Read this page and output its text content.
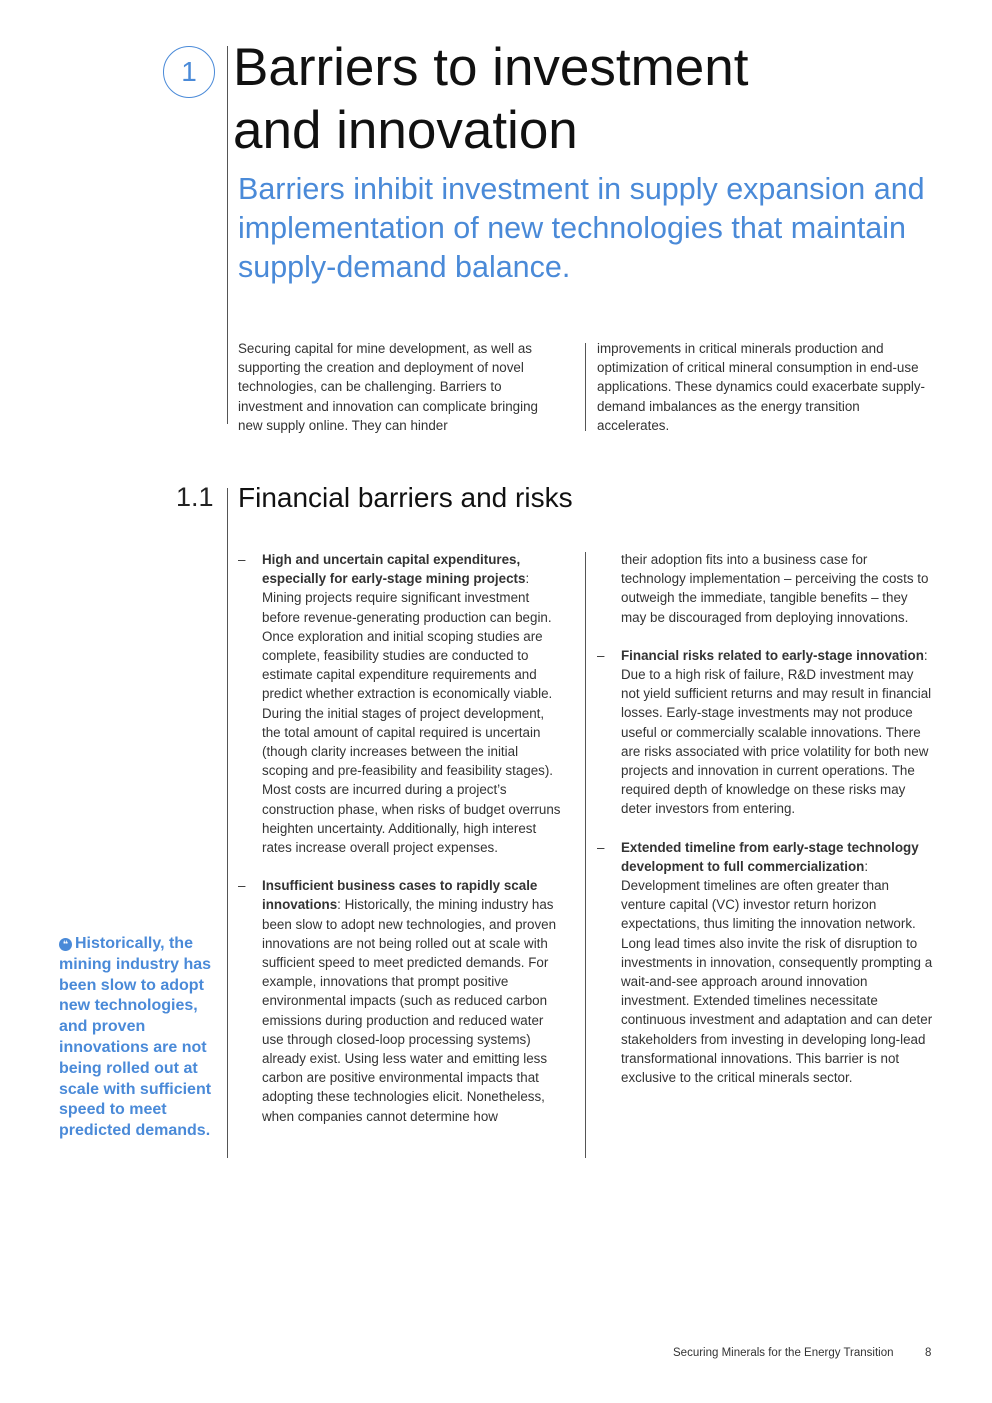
1 Barriers to investment
and innovation

Barriers inhibit investment in supply expansion and implementation of new technologies that maintain supply-demand balance.

Securing capital for mine development, as well as supporting the creation and deployment of novel technologies, can be challenging. Barriers to investment and innovation can complicate bringing new supply online. They can hinder

improvements in critical minerals production and optimization of critical mineral consumption in end-use applications. These dynamics could exacerbate supply-demand imbalances as the energy transition accelerates.

1.1 Financial barriers and risks
– High and uncertain capital expenditures, especially for early-stage mining projects: Mining projects require significant investment before revenue-generating production can begin. Once exploration and initial scoping studies are complete, feasibility studies are conducted to estimate capital expenditure requirements and predict whether extraction is economically viable. During the initial stages of project development, the total amount of capital required is uncertain (though clarity increases between the initial scoping and pre-feasibility and feasibility stages). Most costs are incurred during a project’s construction phase, when risks of budget overruns heighten uncertainty. Additionally, high interest rates increase overall project expenses.
– Insufficient business cases to rapidly scale innovations: Historically, the mining industry has been slow to adopt new technologies, and proven innovations are not being rolled out at scale with sufficient speed to meet predicted demands. For example, innovations that prompt positive environmental impacts (such as reduced carbon emissions during production and reduced water use through closed-loop processing systems) already exist. Using less water and emitting less carbon are positive environmental impacts that adopting these technologies elicit. Nonetheless, when companies cannot determine how

their adoption fits into a business case for technology implementation – perceiving the costs to outweigh the immediate, tangible benefits – they may be discouraged from deploying innovations.

– Financial risks related to early-stage innovation: Due to a high risk of failure, R&D investment may not yield sufficient returns and may result in financial losses. Early-stage investments may not produce useful or commercially scalable innovations. There are risks associated with price volatility for both new projects and innovation in current operations. The required depth of knowledge on these risks may deter investors from entering.
– Extended timeline from early-stage technology development to full commercialization: Development timelines are often greater than venture capital (VC) investor return horizon expectations, thus limiting the innovation network. Long lead times also invite the risk of disruption to investments in innovation, consequently prompting a wait-and-see approach around innovation investment. Extended timelines necessitate continuous investment and adaptation and can deter stakeholders from investing in developing long-lead transformational innovations. This barrier is not exclusive to the critical minerals sector.

❝ Historically, the mining industry has been slow to adopt new technologies, and proven innovations are not being rolled out at scale with sufficient speed to meet predicted demands.

Securing Minerals for the Energy Transition	8
